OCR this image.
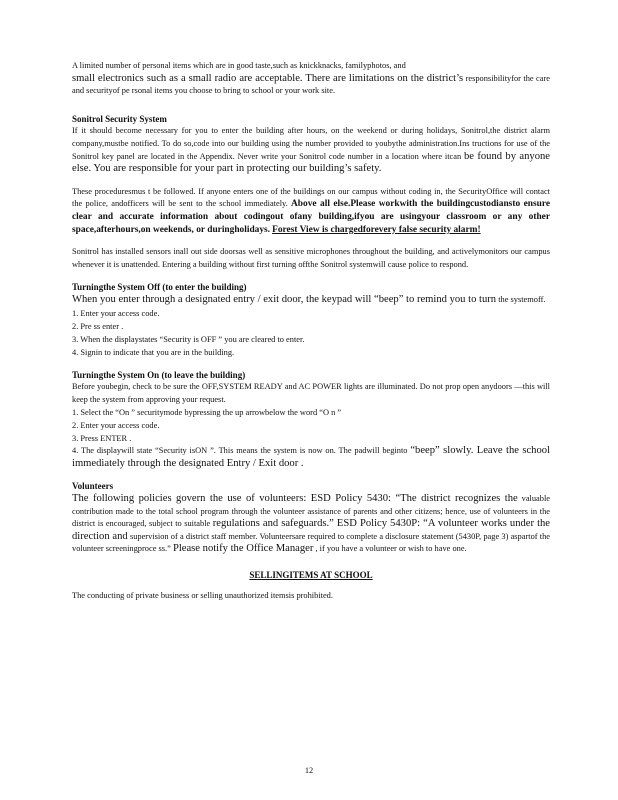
A limited number of personal items which are in good taste,such as knickknacks, familyphotos, and
small electronics such as a small radio are acceptable. There are limitations on the district’s responsibilityfor the care and securityof pe rsonal items you choose to bring to school or your work site.

Sonitrol Security System

If it should become necessary for you to enter the building after hours, on the weekend or during holidays, Sonitrol,the district alarm company,mustbe notified. To do so,code into our building using the number provided to youbythe administration.Ins tructions for use of the Sonitrol key panel are located in the Appendix. Never write your Sonitrol code number in a location where itcan be found by anyone else. You are responsible for your part in protecting our building’s safety.

These proceduresmus t be followed. If anyone enters one of the buildings on our campus without coding in, the SecurityOffice will contact the police, andofficers will be sent to the school immediately. Above all else.Please workwith the buildingcustodiansto ensure clear and accurate information about codingout ofany building,ifyou are usingyour classroom or any other space,afterhours,on weekends, or duringholidays. Forest View is chargedforevery false security alarm!

Sonitrol has installed sensors inall out side doorsas well as sensitive microphones throughout the building, and activelymonitors our campus whenever it is unattended. Entering a building without first turning offthe Sonitrol systemwill cause police to respond.

Turningthe System Off (to enter the building)

When you enter through a designated entry / exit door, the keypad will “beep” to remind you to turn the systemoff.

1. Enter your access code.
2. Pre ss enter .
3. When the displaystates “Security is OFF ” you are cleared to enter.
4. Signin to indicate that you are in the building.
Turningthe System On (to leave the building)

Before youbegin, check to be sure the OFF,SYSTEM READY and AC POWER lights are illuminated. Do not prop open anydoors —this will keep the system from approving your request.

1. Select the “On ” securitymode bypressing the up arrowbelow the word “O n ”
2. Enter your access code.
3. Press ENTER .

4. The displaywill state “Security isON ”. This means the system is now on. The padwill beginto “beep” slowly. Leave the school immediately through the designated Entry / Exit door .

Volunteers

The following policies govern the use of volunteers: ESD Policy 5430: “The district recognizes the valuable contribution made to the total school program through the volunteer assistance of parents and other citizens; hence, use of volunteers in the district is encouraged, subject to suitable regulations and safeguards.” ESD Policy 5430P: “A volunteer works under the direction and supervision of a district staff member. Volunteersare required to complete a disclosure statement (5430P, page 3) aspartof the volunteer screeningproce ss.” Please notify the Office Manager , if you have a volunteer or wish to have one.

SELLINGITEMS AT SCHOOL

The conducting of private business or selling unauthorized itemsis prohibited.

12
